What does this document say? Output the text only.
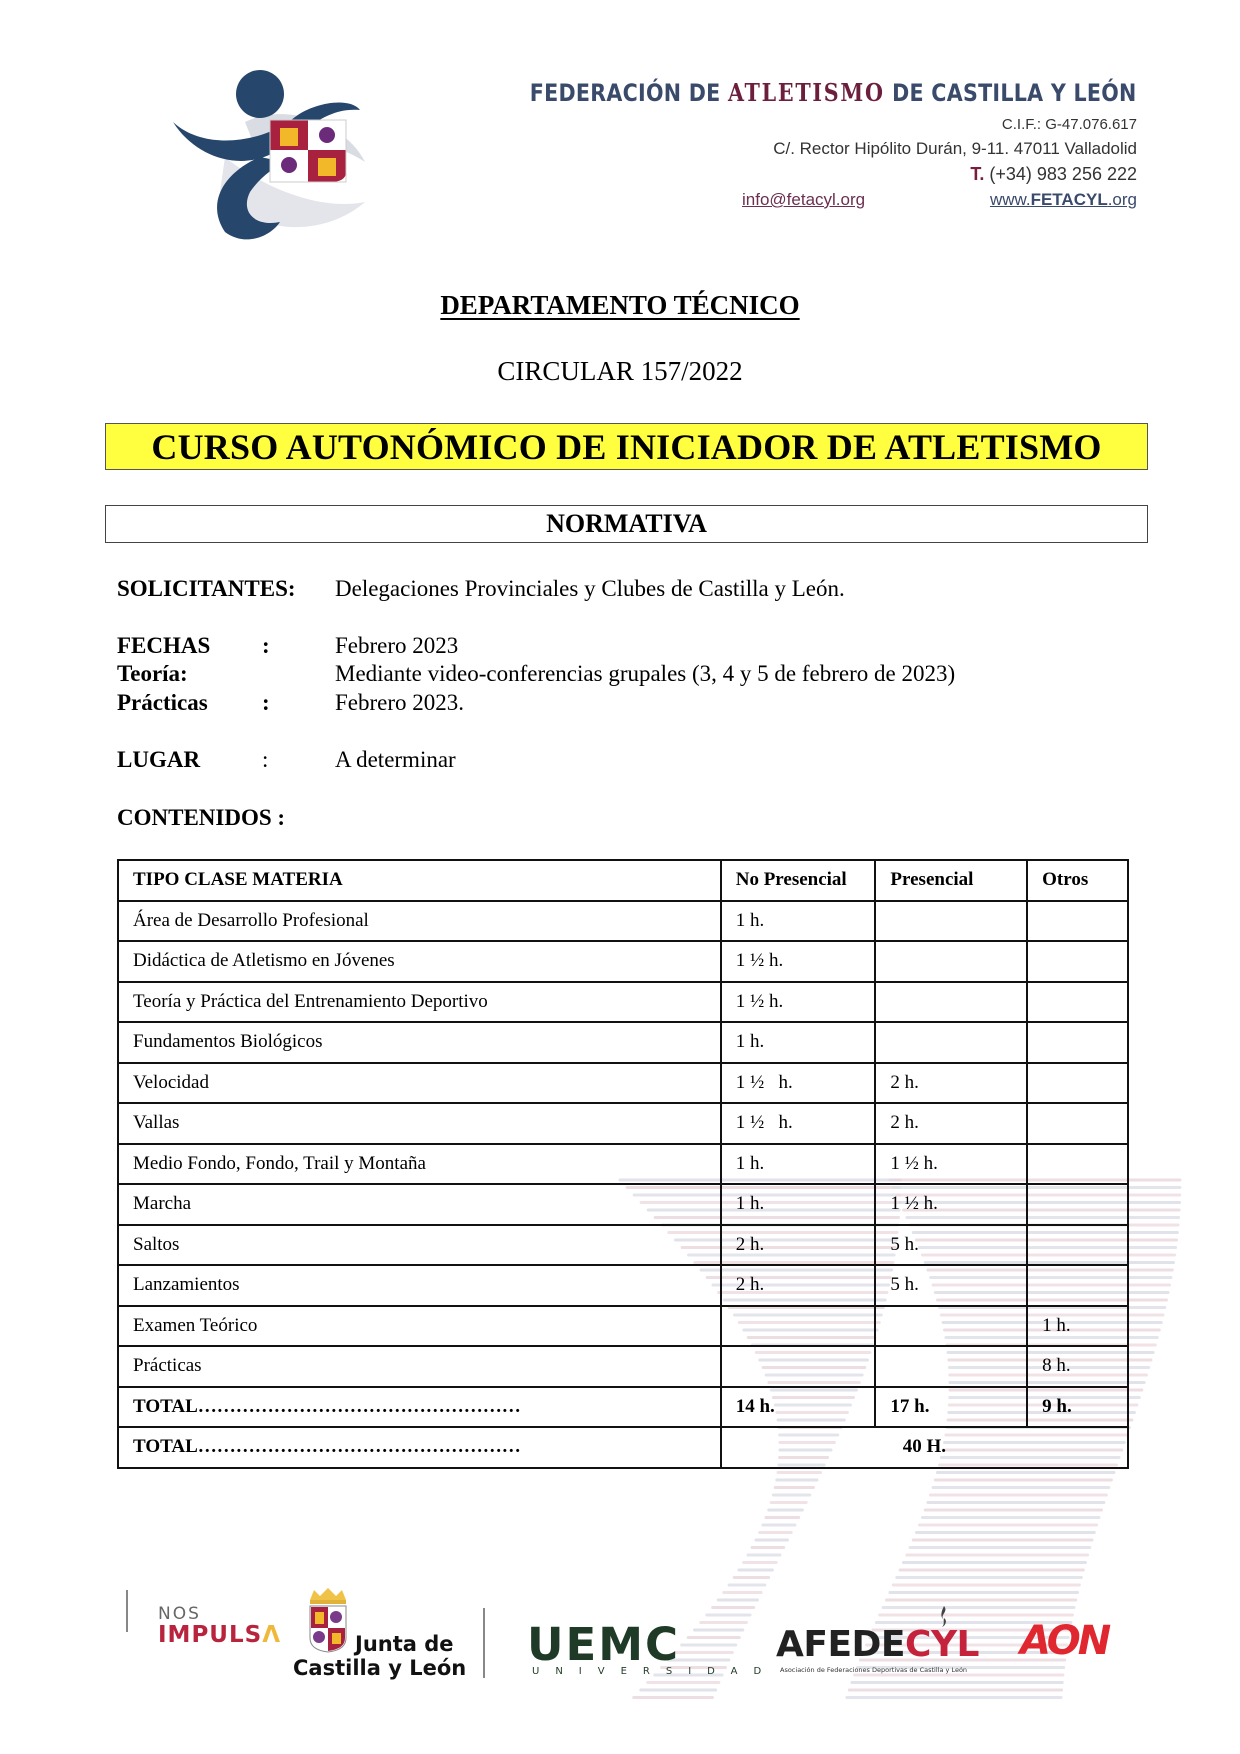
FEDERACIÓN DE ATLETISMO DE CASTILLA Y LEÓN
C.I.F.: G-47.076.617
C/. Rector Hipólito Durán, 9-11. 47011 Valladolid
T. (+34) 983 256 222
info@fetacyl.org	www.FETACYL.org
DEPARTAMENTO TÉCNICO
CIRCULAR 157/2022
CURSO AUTONÓMICO DE INICIADOR DE ATLETISMO
NORMATIVA
SOLICITANTES: Delegaciones Provinciales y Clubes de Castilla y León.
FECHAS :	Febrero 2023
Teoría:	Mediante video-conferencias grupales (3, 4 y 5 de febrero de 2023)
Prácticas :	Febrero 2023.
LUGAR	:	A determinar
CONTENIDOS :
TIPO CLASE MATERIA	No Presencial	Presencial	Otros
Área de Desarrollo Profesional	1 h.		
Didáctica de Atletismo en Jóvenes	1 ½ h.		
Teoría y Práctica del Entrenamiento Deportivo	1 ½ h.		
Fundamentos Biológicos	1 h.		
Velocidad	1 ½   h.	2 h.	
Vallas	1 ½   h.	2 h.	
Medio Fondo, Fondo, Trail y Montaña	1 h.	1 ½ h.	
Marcha	1 h.	1 ½ h.	
Saltos	2 h.	5 h.	
Lanzamientos	2 h.	5 h.	
Examen Teórico			1 h.
Prácticas			8 h.
TOTAL……………………………………………	14 h.	17 h.	9 h.
TOTAL……………………………………………	40 H.		
NOS
IMPULSΛ	Junta de
Castilla y León UEMC
UNIVERSIDAD
AFEDECYL
Asociación de Federaciones Deportivas de Castilla y León
AON
